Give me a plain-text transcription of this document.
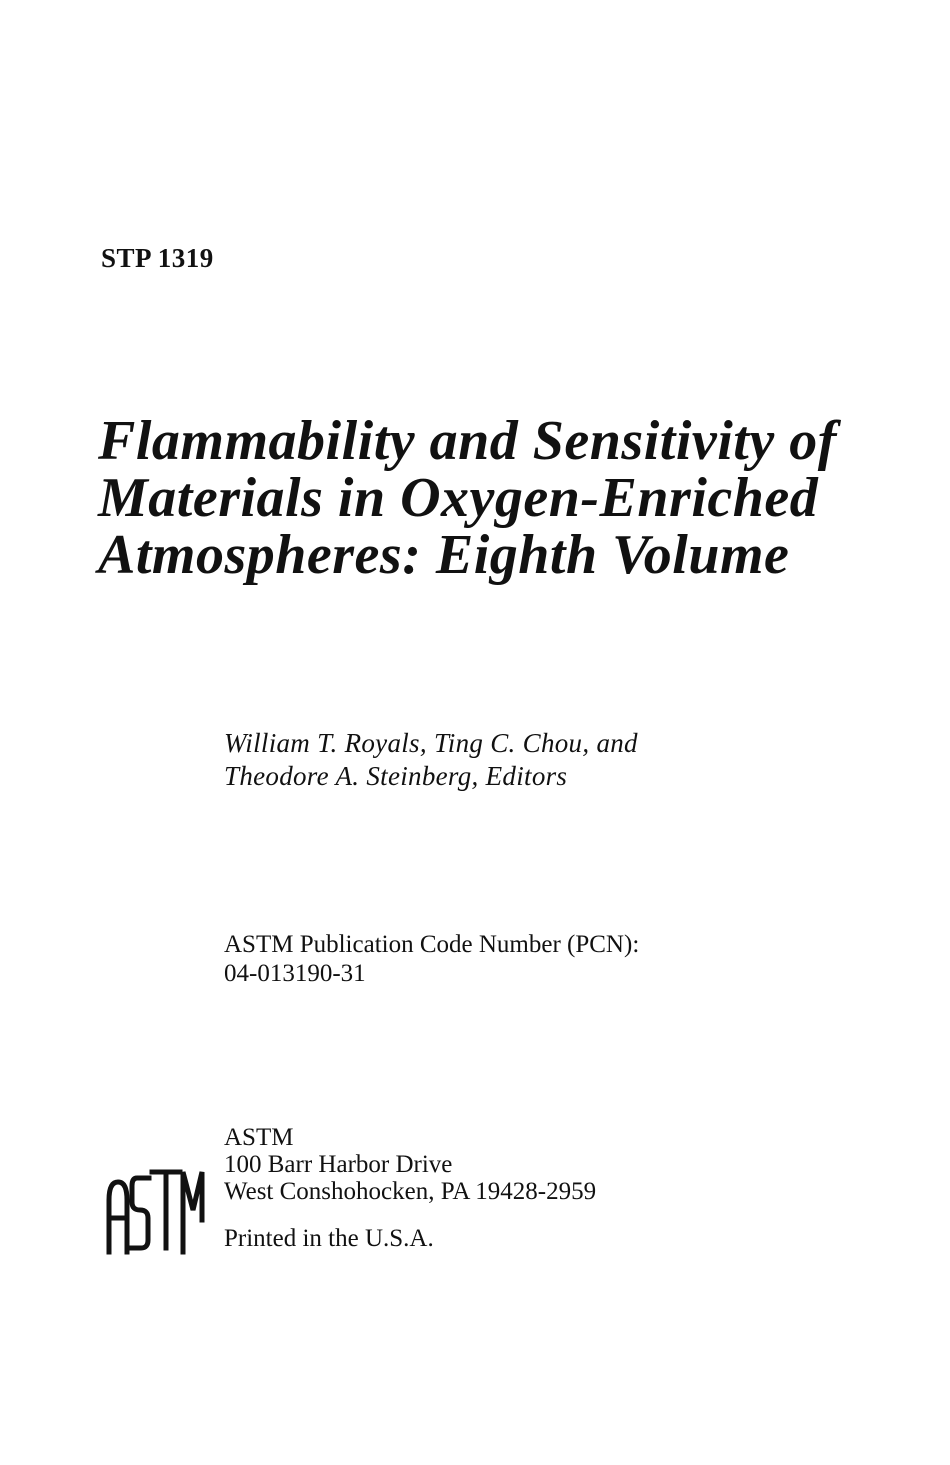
STP 1319
Flammability and Sensitivity of
Materials in Oxygen-Enriched
Atmospheres: Eighth Volume
William T. Royals, Ting C. Chou, and
Theodore A. Steinberg, Editors
ASTM Publication Code Number (PCN):
04-013190-31
ASTM
100 Barr Harbor Drive
West Conshohocken, PA 19428-2959
Printed in the U.S.A.
